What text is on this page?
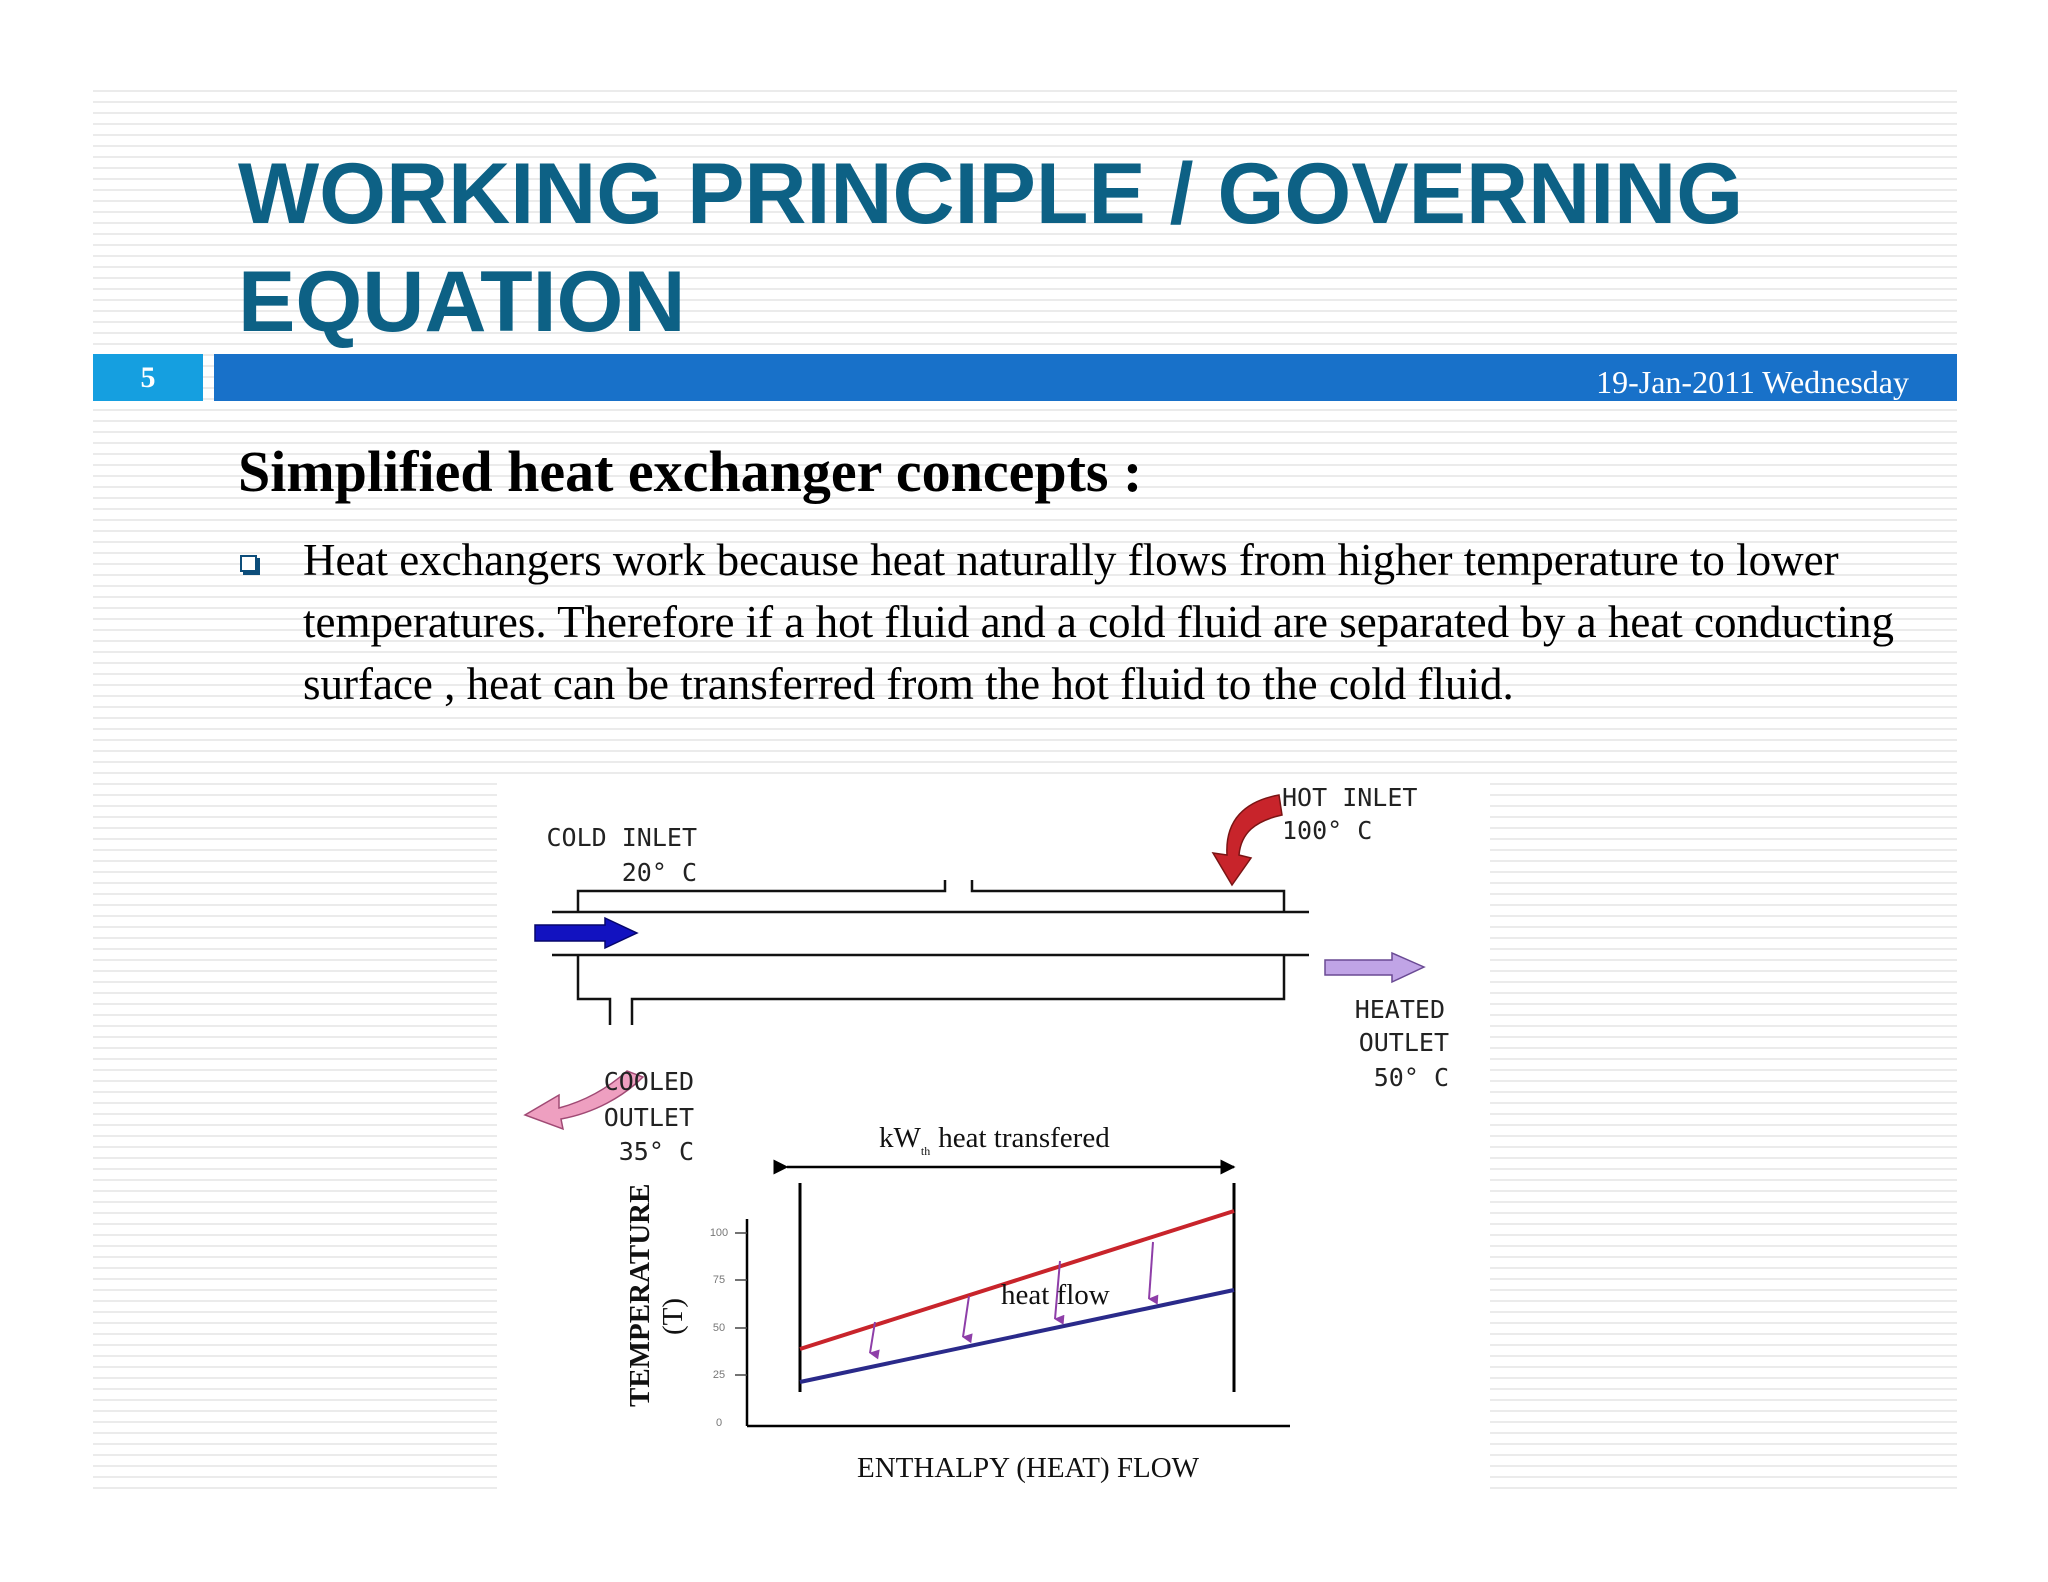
WORKING PRINCIPLE / GOVERNING EQUATION
5	19-Jan-2011 Wednesday
Simplified heat exchanger concepts :

Heat exchangers work because heat naturally flows from higher temperature to lower temperatures. Therefore if a hot fluid and a cold fluid are separated by a heat conducting surface , heat can be transferred from the hot fluid to the cold fluid.

HOT INLET
100° C
20° C
COLD INLET
HEATED
OUTLET
50° C
COOLED
OUTLET
35° C	$kW_{th}$ heat transfered
100
75
50
25
0
heat flow
TEMPERATURE (T)
ENTHALPY (HEAT) FLOW
